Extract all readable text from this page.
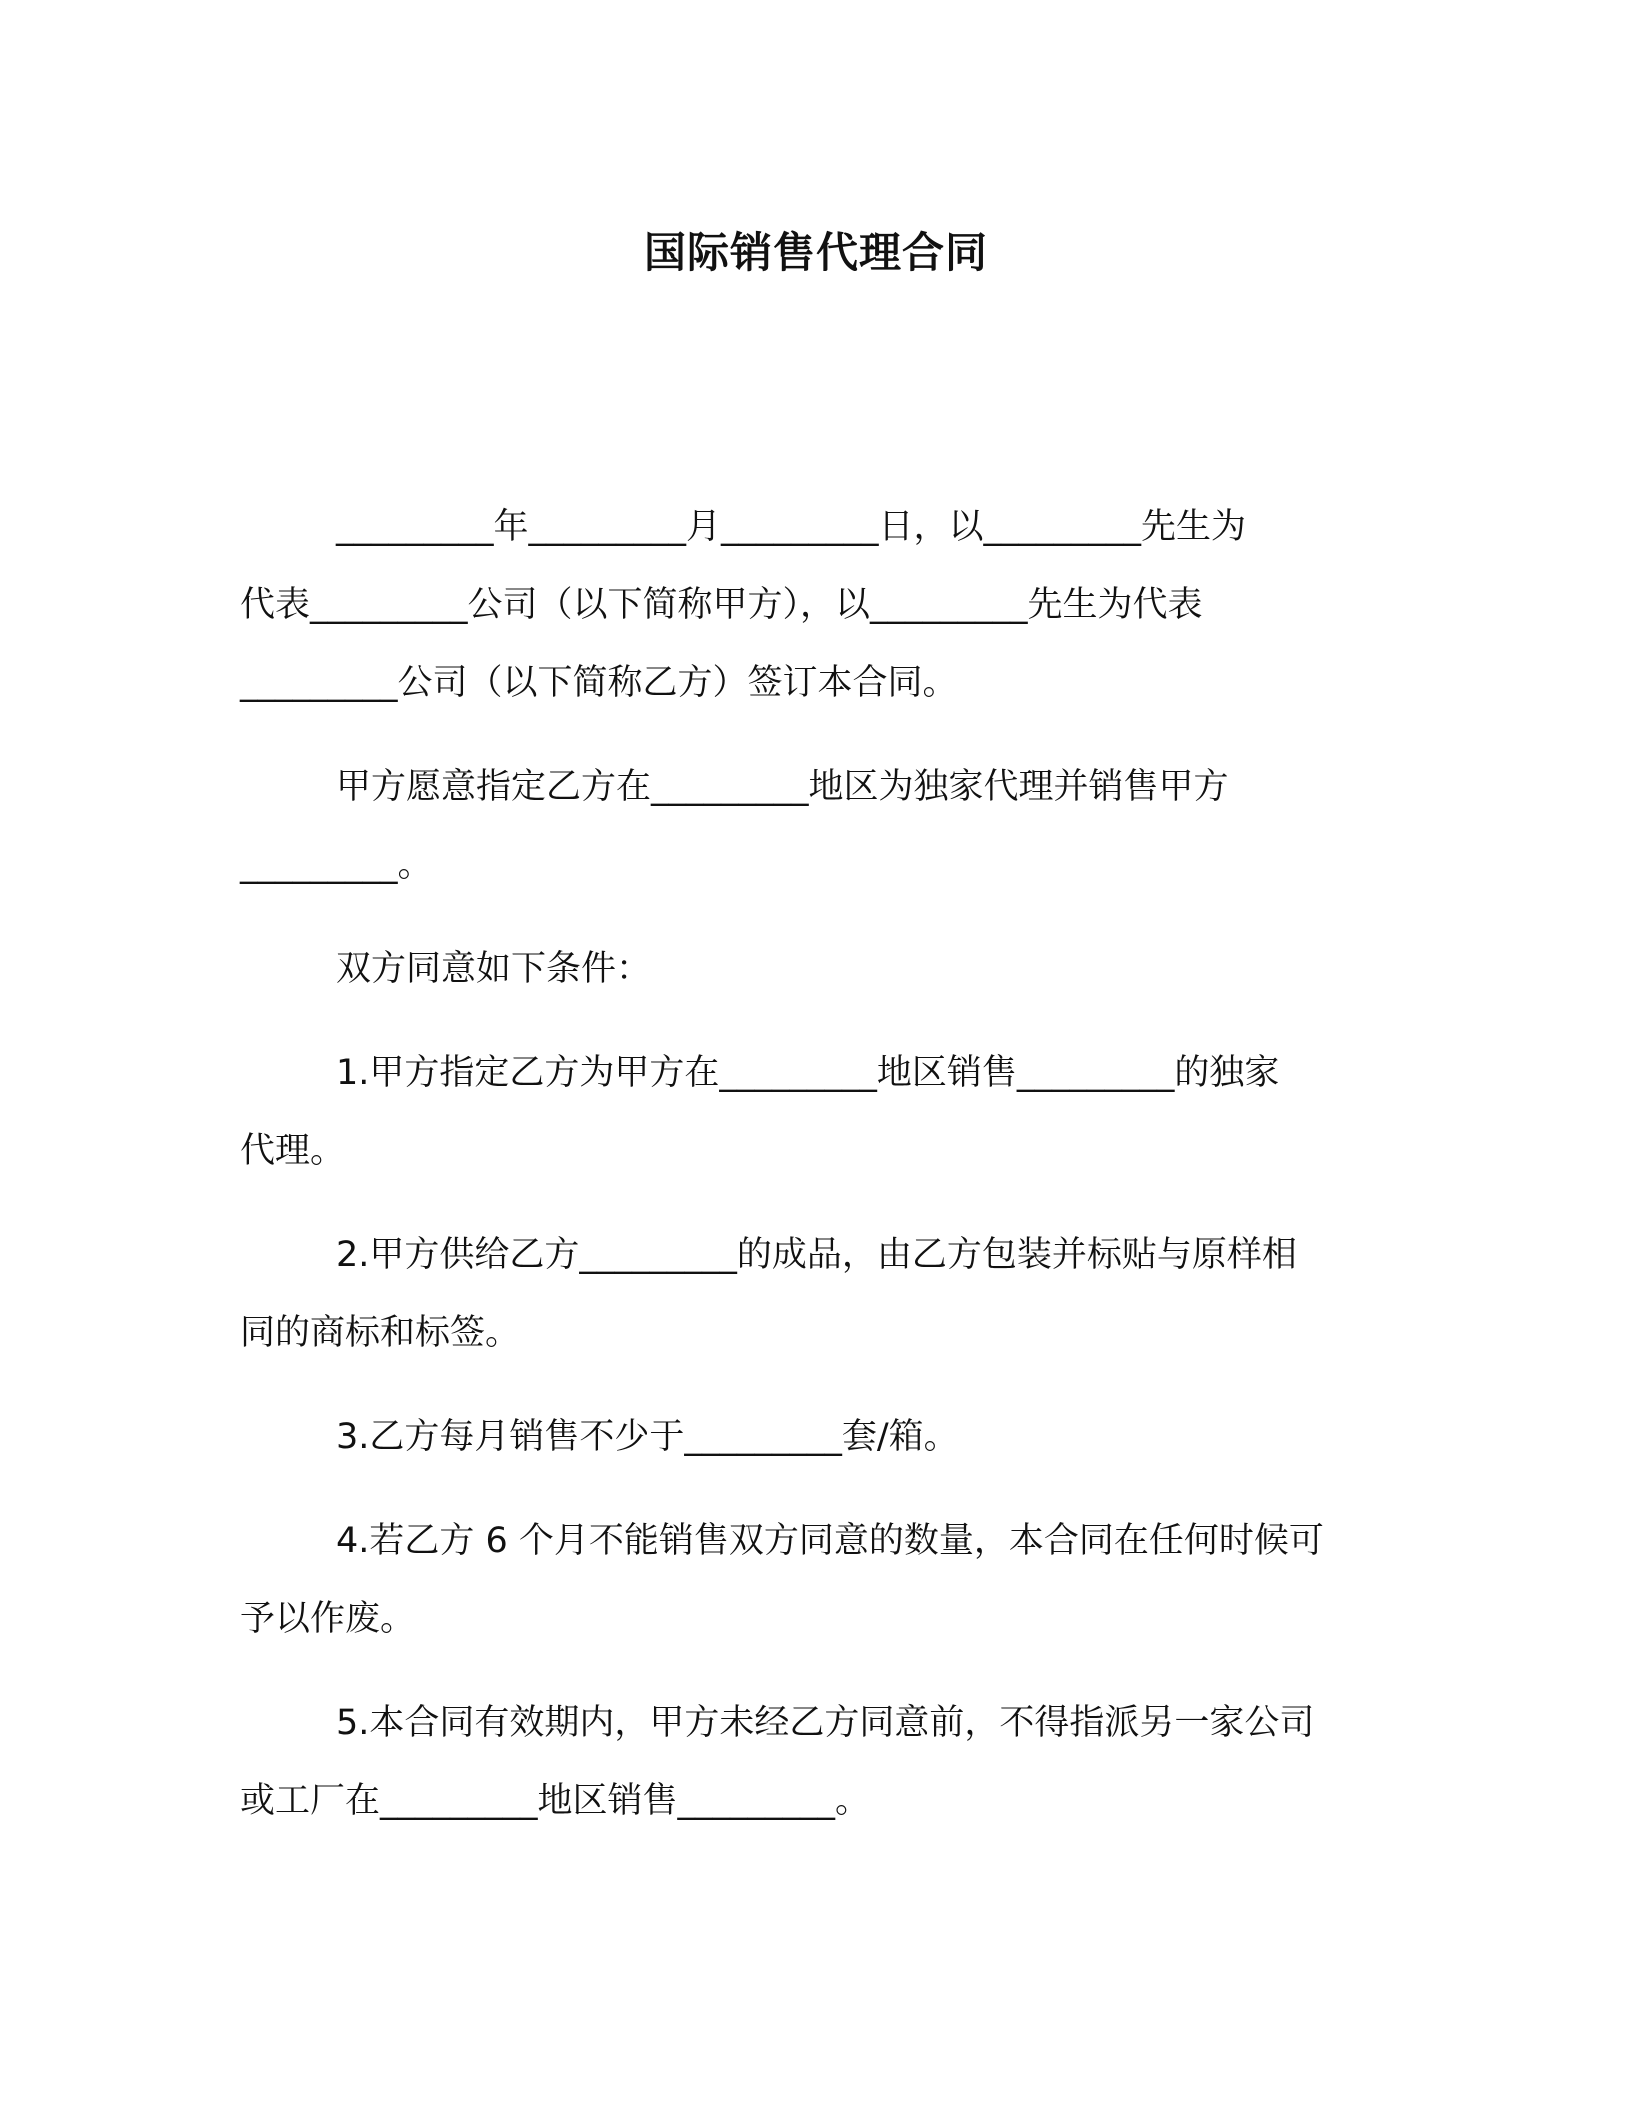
国际销售代理合同

_________年_________月_________日，以_________先生为
代表_________公司（以下简称甲方），以_________先生为代表
_________公司（以下简称乙方）签订本合同。

甲方愿意指定乙方在_________地区为独家代理并销售甲方
_________。

双方同意如下条件：

1.甲方指定乙方为甲方在_________地区销售_________的独家
代理。

2.甲方供给乙方_________的成品，由乙方包装并标贴与原样相
同的商标和标签。

3.乙方每月销售不少于_________套/箱。

4.若乙方 6 个月不能销售双方同意的数量，本合同在任何时候可
予以作废。

5.本合同有效期内，甲方未经乙方同意前，不得指派另一家公司
或工厂在_________地区销售_________。
